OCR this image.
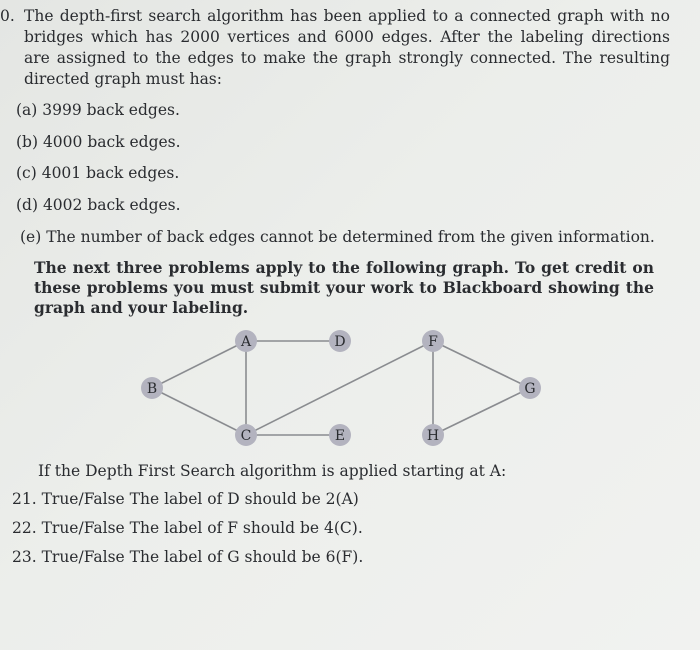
0. The depth-first search algorithm has been applied to a connected graph with no bridges which has 2000 vertices and 6000 edges. After the labeling directions are assigned to the edges to make the graph strongly connected. The resulting directed graph must has:
(a) 3999 back edges.
(b) 4000 back edges.
(c) 4001 back edges.
(d) 4002 back edges.
(e) The number of back edges cannot be determined from the given information.
The next three problems apply to the following graph. To get credit on these problems you must submit your work to Blackboard showing the graph and your labeling.
A
B
C
D
E
F
G
H
If the Depth First Search algorithm is applied starting at A:
21. True/False The label of D should be 2(A)
22. True/False The label of F should be 4(C).
23. True/False The label of G should be 6(F).
